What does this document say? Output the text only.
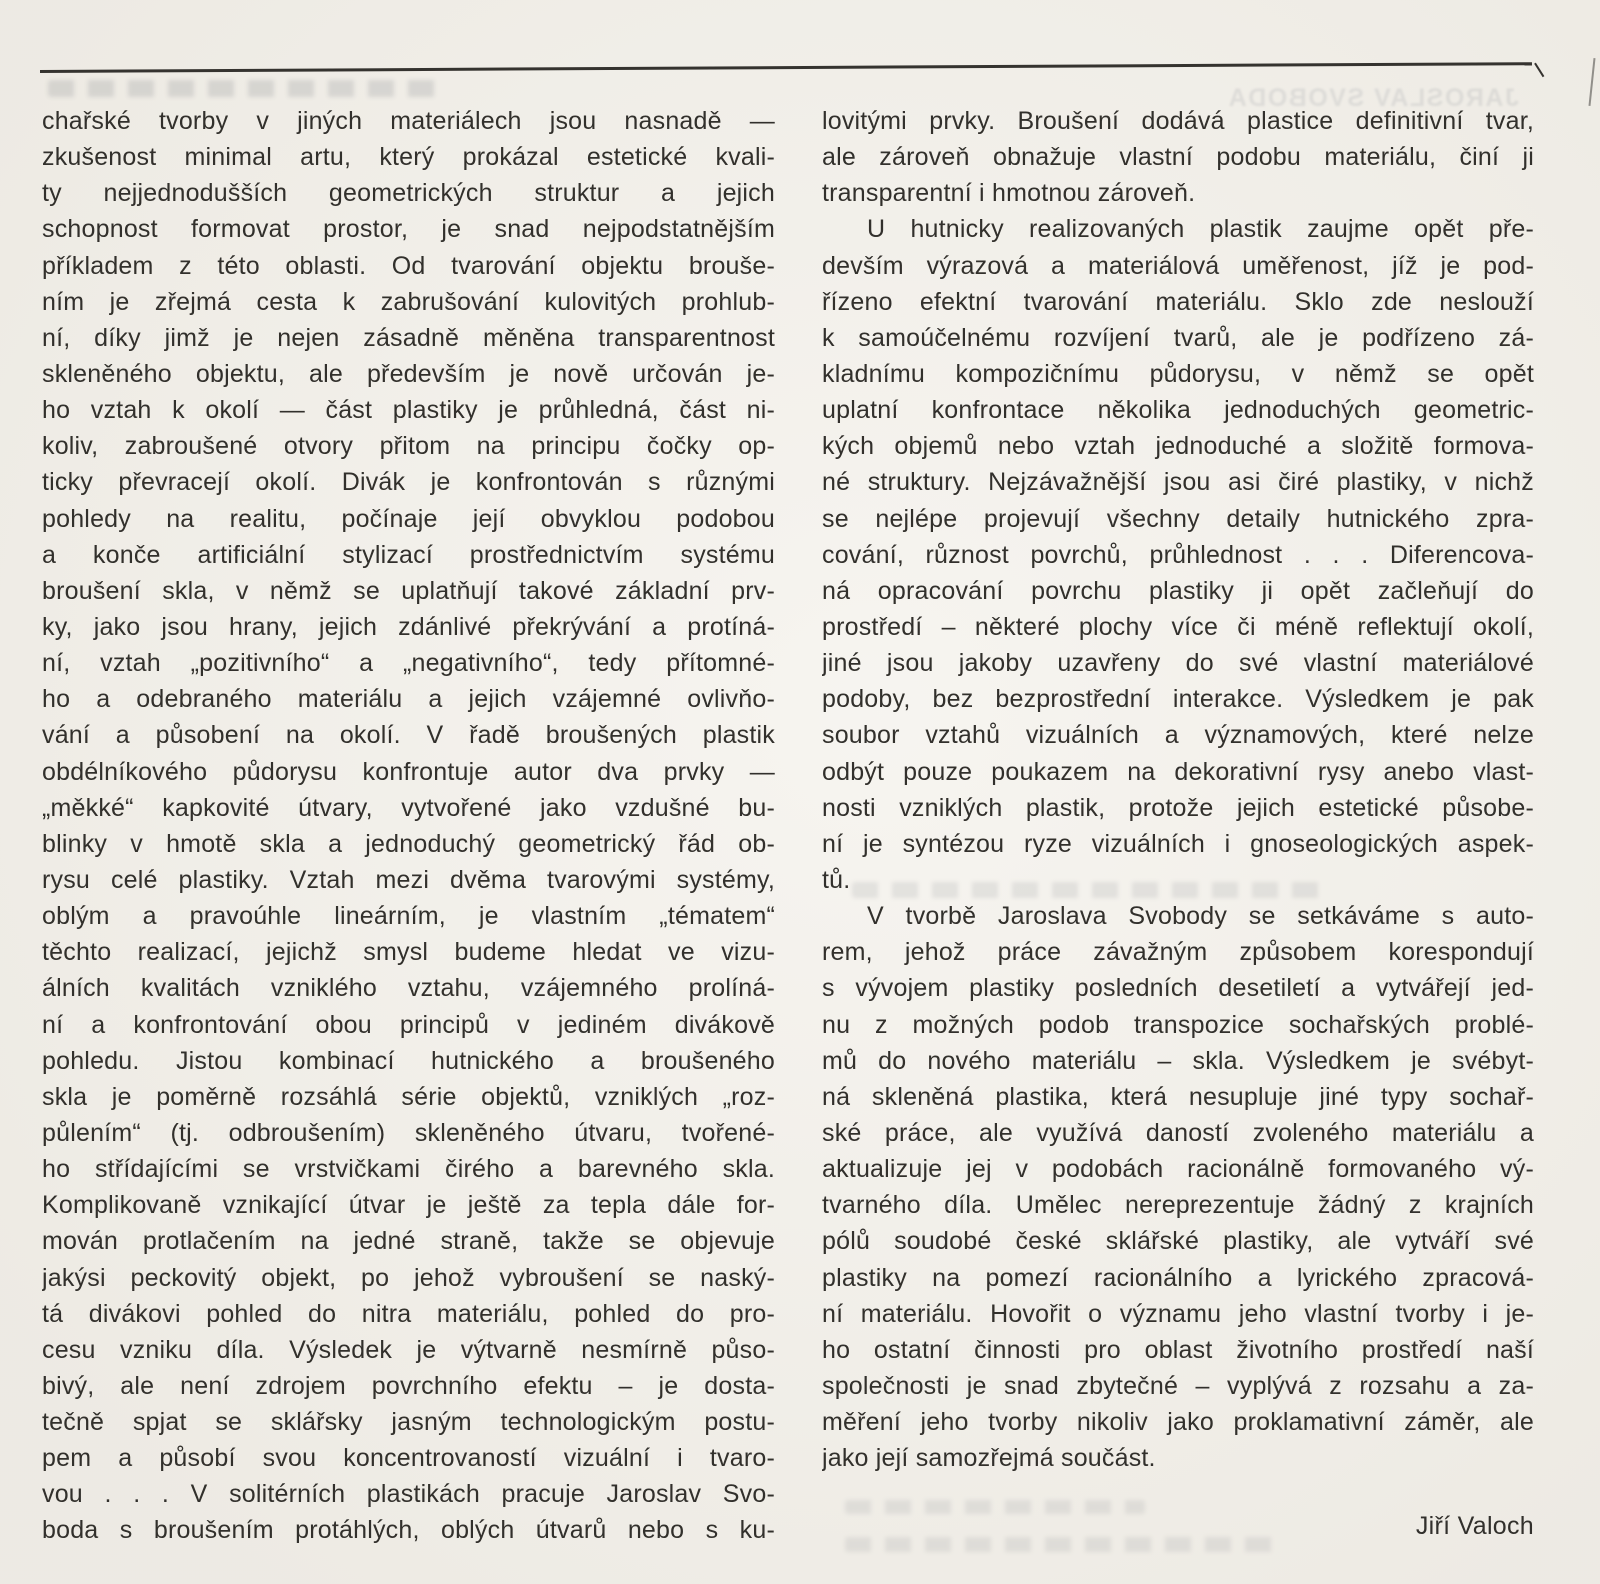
JAROSLAV SVOBODA
chařské tvorby v jiných materiálech jsou nasnadě —
zkušenost minimal artu, který prokázal estetické kvali-
ty nejjednodušších geometrických struktur a jejich
schopnost formovat prostor, je snad nejpodstatnějším
příkladem z této oblasti. Od tvarování objektu brouše-
ním je zřejmá cesta k zabrušování kulovitých prohlub-
ní, díky jimž je nejen zásadně měněna transparentnost
skleněného objektu, ale především je nově určován je-
ho vztah k okolí — část plastiky je průhledná, část ni-
koliv, zabroušené otvory přitom na principu čočky op-
ticky převracejí okolí. Divák je konfrontován s různými
pohledy na realitu, počínaje její obvyklou podobou
a konče artificiální stylizací prostřednictvím systému
broušení skla, v němž se uplatňují takové základní prv-
ky, jako jsou hrany, jejich zdánlivé překrývání a protíná-
ní, vztah „pozitivního“ a „negativního“, tedy přítomné-
ho a odebraného materiálu a jejich vzájemné ovlivňo-
vání a působení na okolí. V řadě broušených plastik
obdélníkového půdorysu konfrontuje autor dva prvky —
„měkké“ kapkovité útvary, vytvořené jako vzdušné bu-
blinky v hmotě skla a jednoduchý geometrický řád ob-
rysu celé plastiky. Vztah mezi dvěma tvarovými systémy,
oblým a pravoúhle lineárním, je vlastním „tématem“
těchto realizací, jejichž smysl budeme hledat ve vizu-
álních kvalitách vzniklého vztahu, vzájemného prolíná-
ní a konfrontování obou principů v jediném divákově
pohledu. Jistou kombinací hutnického a broušeného
skla je poměrně rozsáhlá série objektů, vzniklých „roz-
půlením“ (tj. odbroušením) skleněného útvaru, tvořené-
ho střídajícími se vrstvičkami čirého a barevného skla.
Komplikovaně vznikající útvar je ještě za tepla dále for-
mován protlačením na jedné straně, takže se objevuje
jakýsi peckovitý objekt, po jehož vybroušení se naský-
tá divákovi pohled do nitra materiálu, pohled do pro-
cesu vzniku díla. Výsledek je výtvarně nesmírně půso-
bivý, ale není zdrojem povrchního efektu – je dosta-
tečně spjat se sklářsky jasným technologickým postu-
pem a působí svou koncentrovaností vizuální i tvaro-
vou . . . V solitérních plastikách pracuje Jaroslav Svo-
boda s broušením protáhlých, oblých útvarů nebo s ku-
lovitými prvky. Broušení dodává plastice definitivní tvar,
ale zároveň obnažuje vlastní podobu materiálu, činí ji
transparentní i hmotnou zároveň.
U hutnicky realizovaných plastik zaujme opět pře-
devším výrazová a materiálová uměřenost, jíž je pod-
řízeno efektní tvarování materiálu. Sklo zde neslouží
k samoúčelnému rozvíjení tvarů, ale je podřízeno zá-
kladnímu kompozičnímu půdorysu, v němž se opět
uplatní konfrontace několika jednoduchých geometric-
kých objemů nebo vztah jednoduché a složitě formova-
né struktury. Nejzávažnější jsou asi čiré plastiky, v nichž
se nejlépe projevují všechny detaily hutnického zpra-
cování, různost povrchů, průhlednost . . . Diferencova-
ná opracování povrchu plastiky ji opět začleňují do
prostředí – některé plochy více či méně reflektují okolí,
jiné jsou jakoby uzavřeny do své vlastní materiálové
podoby, bez bezprostřední interakce. Výsledkem je pak
soubor vztahů vizuálních a významových, které nelze
odbýt pouze poukazem na dekorativní rysy anebo vlast-
nosti vzniklých plastik, protože jejich estetické působe-
ní je syntézou ryze vizuálních i gnoseologických aspek-
tů.
V tvorbě Jaroslava Svobody se setkáváme s auto-
rem, jehož práce závažným způsobem korespondují
s vývojem plastiky posledních desetiletí a vytvářejí jed-
nu z možných podob transpozice sochařských problé-
mů do nového materiálu – skla. Výsledkem je svébyt-
ná skleněná plastika, která nesupluje jiné typy sochař-
ské práce, ale využívá daností zvoleného materiálu a
aktualizuje jej v podobách racionálně formovaného vý-
tvarného díla. Umělec nereprezentuje žádný z krajních
pólů soudobé české sklářské plastiky, ale vytváří své
plastiky na pomezí racionálního a lyrického zpracová-
ní materiálu. Hovořit o významu jeho vlastní tvorby i je-
ho ostatní činnosti pro oblast životního prostředí naší
společnosti je snad zbytečné – vyplývá z rozsahu a za-
měření jeho tvorby nikoliv jako proklamativní záměr, ale
jako její samozřejmá součást.
Jiří Valoch
